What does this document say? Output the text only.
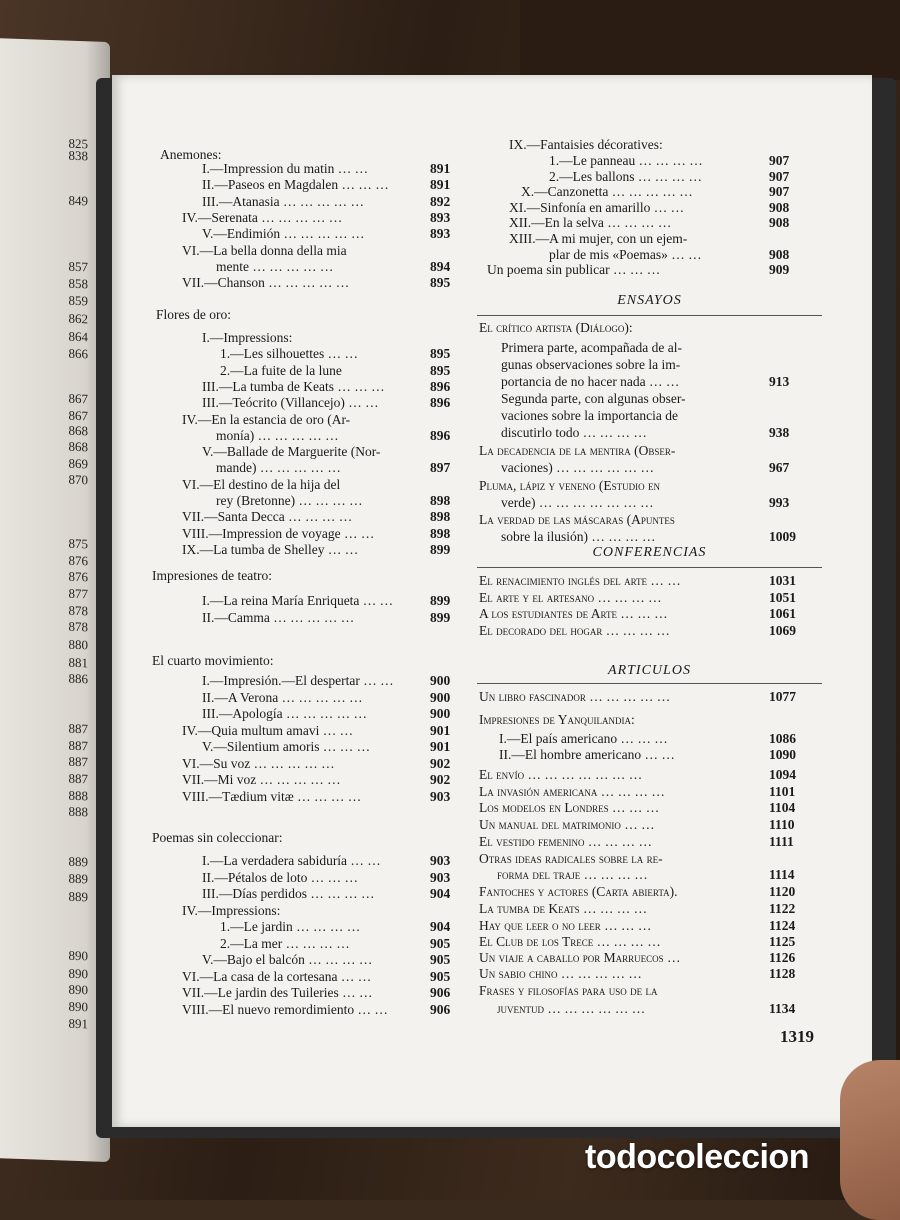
825
838
849
857
858
859
862
864
866
867
867
868
868
869
870
875
876
876
877
878
878
880
881
886
887
887
887
887
888
888
889
889
889
890
890
890
890
891
Anemones:
I.—Impression du matin … …	891
II.—Paseos en Magdalen … … …	891
III.—Atanasia … … … … …	892
IV.—Serenata … … … … …	893
V.—Endimión … … … … …	893
VI.—La bella donna della mia
mente … … … … …	894
VII.—Chanson … … … … …	895
Flores de oro:
I.—Impressions:
1.—Les silhouettes … …	895
2.—La fuite de la lune	895
III.—La tumba de Keats … … …	896
III.—Teócrito (Villancejo) … …	896
IV.—En la estancia de oro (Ar-
monía) … … … … …	896
V.—Ballade de Marguerite (Nor-
mande) … … … … …	897
VI.—El destino de la hija del
rey (Bretonne) … … … …	898
VII.—Santa Decca … … … …	898
VIII.—Impression de voyage … …	898
IX.—La tumba de Shelley … …	899
Impresiones de teatro:
I.—La reina María Enriqueta … …	899
II.—Camma … … … … …	899
El cuarto movimiento:
I.—Impresión.—El despertar … …	900
II.—A Verona … … … … …	900
III.—Apología … … … … …	900
IV.—Quia multum amavi … …	901
V.—Silentium amoris … … …	901
VI.—Su voz … … … … …	902
VII.—Mi voz … … … … …	902
VIII.—Tædium vitæ … … … …	903
Poemas sin coleccionar:
I.—La verdadera sabiduría … …	903
II.—Pétalos de loto … … …	903
III.—Días perdidos … … … …	904
IV.—Impressions:
1.—Le jardin … … … …	904
2.—La mer … … … …	905
V.—Bajo el balcón … … … …	905
VI.—La casa de la cortesana … …	905
VII.—Le jardin des Tuileries … …	906
VIII.—El nuevo remordimiento … …	906
IX.—Fantaisies décoratives:
1.—Le panneau … … … …	907
2.—Les ballons … … … …	907
X.—Canzonetta … … … … …	907
XI.—Sinfonía en amarillo … …	908
XII.—En la selva … … … …	908
XIII.—A mi mujer, con un ejem-
plar de mis «Poemas» … …	908
Un poema sin publicar … … …	909
ENSAYOS
El crítico artista (Diálogo):
Primera parte, acompañada de al-
gunas observaciones sobre la im-
portancia de no hacer nada … …	913
Segunda parte, con algunas obser-
vaciones sobre la importancia de
discutirlo todo … … … …	938
La decadencia de la mentira (Obser-
vaciones) … … … … … …	967
Pluma, lápiz y veneno (Estudio en
verde) … … … … … … …	993
La verdad de las máscaras (Apuntes
sobre la ilusión) … … … …	1009
CONFERENCIAS
El renacimiento inglés del arte … …	1031
El arte y el artesano … … … …	1051
A los estudiantes de Arte … … …	1061
El decorado del hogar … … … …	1069
ARTICULOS
Un libro fascinador … … … … …	1077
Impresiones de Yanquilandia:
I.—El país americano … … …	1086
II.—El hombre americano … …	1090
El envío … … … … … … …	1094
La invasión americana … … … …	1101
Los modelos en Londres … … …	1104
Un manual del matrimonio … …	1110
El vestido femenino … … … …	1111
Otras ideas radicales sobre la re-
forma del traje … … … …	1114
Fantoches y actores (Carta abierta).	1120
La tumba de Keats … … … …	1122
Hay que leer o no leer … … …	1124
El Club de los Trece … … … …	1125
Un viaje a caballo por Marruecos …	1126
Un sabio chino … … … … …	1128
Frases y filosofías para uso de la
juventud … … … … … …	1134
1319
todocoleccion
